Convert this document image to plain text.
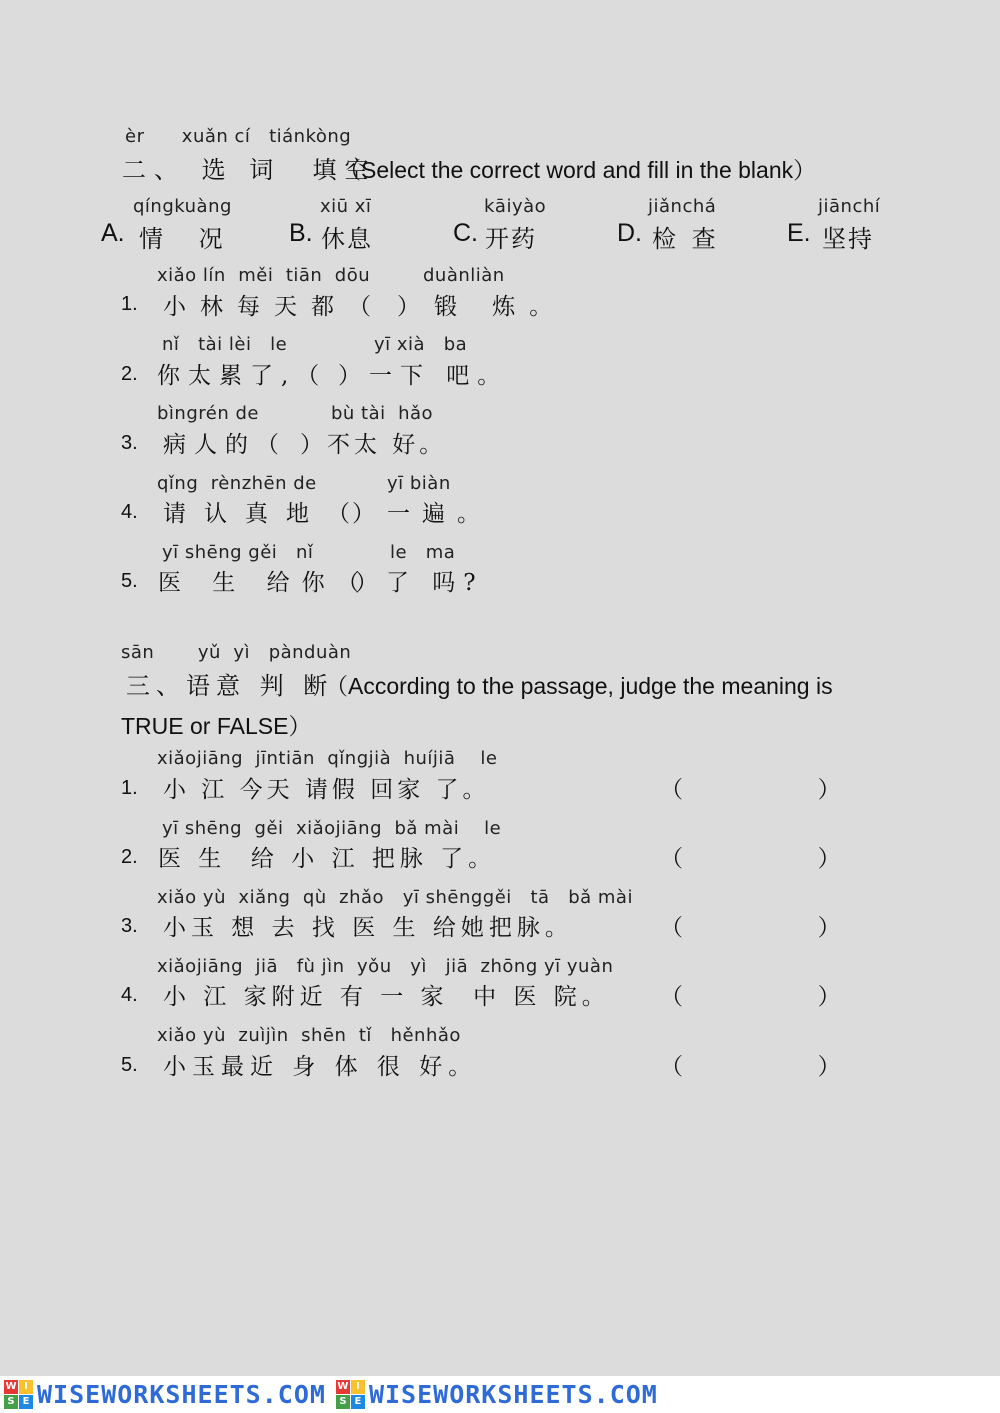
èr      xuǎn cí   tiánkòng
二、 选 词  填空
（Select the correct word and fill in the blank）
qíngkuàng
A. 情 况
xiū xī
B. 休息
kāiyào
C. 开药
jiǎnchá
D. 检 查
jiānchí
E. 坚持
xiǎo lín  měi  tiān  dōu	duànliàn
1. 小林每天都（ ）锻 炼。
nǐ   tài lèi   le	yī xià   ba
2. 你太累了,（ ）一下 吧。
bìngrén de	bù tài  hǎo
3. 病人的（ ）不太 好。
qǐng  rènzhēn de	yī biàn
4. 请认真地（
）一遍。
yī shēng gěi   nǐ	le   ma
5. 医 生 给你（
）了 吗?
sān       yǔ  yì   pànduàn
三、语意 判 断
（According to the passage, judge the meaning is
TRUE or FALSE）
xiǎojiāng  jīntiān  qǐngjià  huíjiā    le
1. 小 江 今天 请假 回家 了。	（  ）
yī shēng  gěi  xiǎojiāng  bǎ mài    le
2. 医 生  给 小 江 把脉 了。	（  ）
xiǎo yù  xiǎng  qù  zhǎo   yī shēnggěi   tā   bǎ mài
3. 小玉 想 去 找 医 生 给她把脉。	（  ）
xiǎojiāng  jiā   fù jìn  yǒu   yì   jiā  zhōng yī yuàn
4. 小 江 家附近 有 一 家  中 医 院。 （  ）
xiǎo yù  zuìjìn  shēn  tǐ   hěnhǎo
5. 小玉最近 身 体 很 好。	（  ）
W I
S E WISEWORKSHEETS.COM W I
S E WISEWORKSHEETS.COM
